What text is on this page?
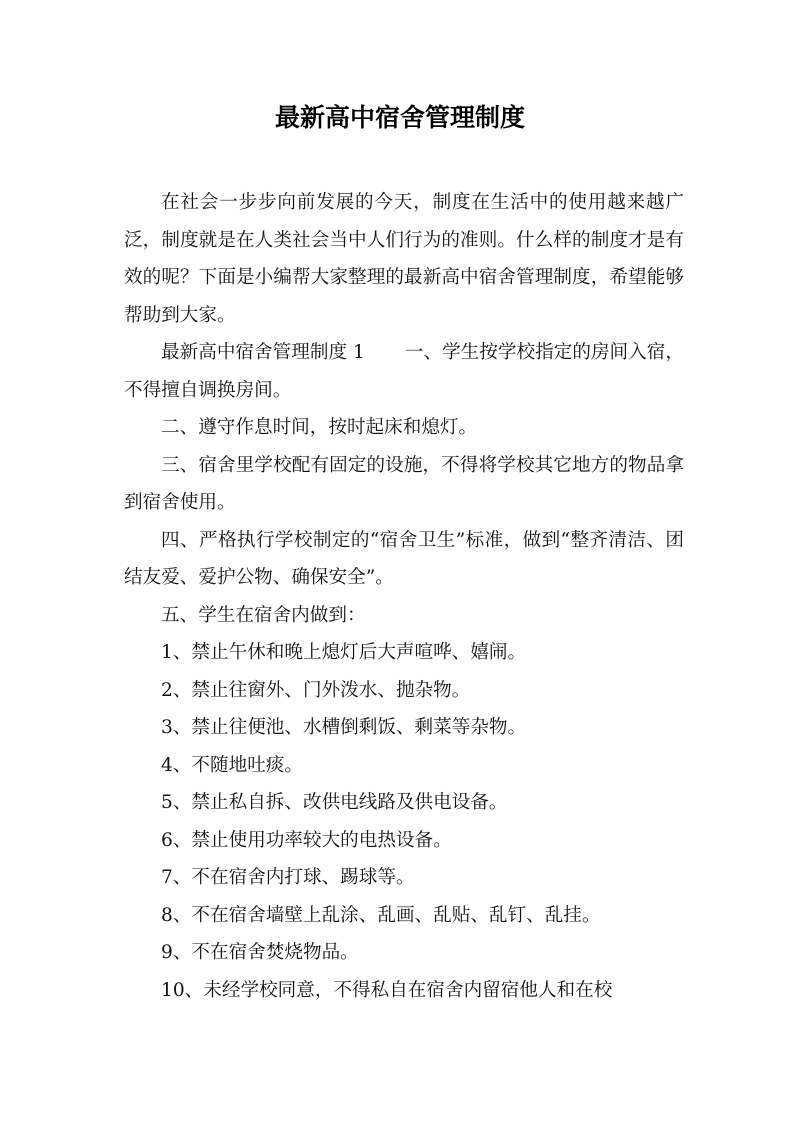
最新高中宿舍管理制度

在社会一步步向前发展的今天，制度在生活中的使用越来越广泛，制度就是在人类社会当中人们行为的准则。什么样的制度才是有效的呢？下面是小编帮大家整理的最新高中宿舍管理制度，希望能够帮助到大家。

最新高中宿舍管理制度 1 一、学生按学校指定的房间入宿，不得擅自调换房间。

二、遵守作息时间，按时起床和熄灯。

三、宿舍里学校配有固定的设施，不得将学校其它地方的物品拿到宿舍使用。

四、严格执行学校制定的“宿舍卫生”标准，做到“整齐清洁、团结友爱、爱护公物、确保安全”。

五、学生在宿舍内做到：

1、禁止午休和晚上熄灯后大声喧哗、嬉闹。

2、禁止往窗外、门外泼水、抛杂物。

3、禁止往便池、水槽倒剩饭、剩菜等杂物。

4、不随地吐痰。

5、禁止私自拆、改供电线路及供电设备。

6、禁止使用功率较大的电热设备。

7、不在宿舍内打球、踢球等。

8、不在宿舍墙壁上乱涂、乱画、乱贴、乱钉、乱挂。

9、不在宿舍焚烧物品。

10、未经学校同意，不得私自在宿舍内留宿他人和在校
